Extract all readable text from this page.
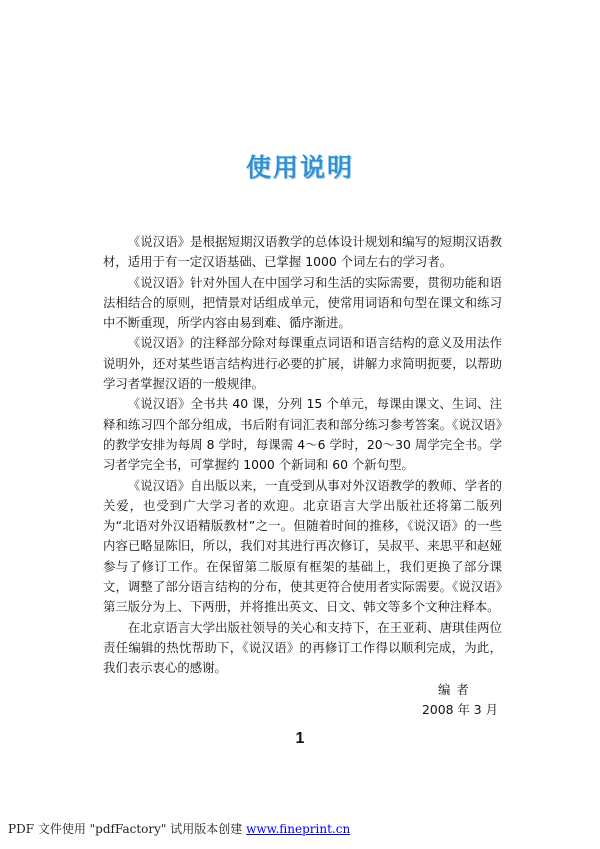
使用说明

《说汉语》是根据短期汉语教学的总体设计规划和编写的短期汉语教材，适用于有一定汉语基础、已掌握 1000 个词左右的学习者。

《说汉语》针对外国人在中国学习和生活的实际需要，贯彻功能和语法相结合的原则，把情景对话组成单元，使常用词语和句型在课文和练习中不断重现，所学内容由易到难、循序渐进。

《说汉语》的注释部分除对每课重点词语和语言结构的意义及用法作说明外，还对某些语言结构进行必要的扩展，讲解力求简明扼要，以帮助学习者掌握汉语的一般规律。

《说汉语》全书共 40 课，分列 15 个单元，每课由课文、生词、注释和练习四个部分组成，书后附有词汇表和部分练习参考答案。《说汉语》的教学安排为每周 8 学时，每课需 4～6 学时，20～30 周学完全书。学习者学完全书，可掌握约 1000 个新词和 60 个新句型。

《说汉语》自出版以来，一直受到从事对外汉语教学的教师、学者的关爱，也受到广大学习者的欢迎。北京语言大学出版社还将第二版列为“北语对外汉语精版教材”之一。但随着时间的推移，《说汉语》的一些内容已略显陈旧，所以，我们对其进行再次修订，吴叔平、来思平和赵娅参与了修订工作。在保留第二版原有框架的基础上，我们更换了部分课文，调整了部分语言结构的分布，使其更符合使用者实际需要。《说汉语》第三版分为上、下两册，并将推出英文、日文、韩文等多个文种注释本。

在北京语言大学出版社领导的关心和支持下，在王亚莉、唐琪佳两位责任编辑的热忱帮助下，《说汉语》的再修订工作得以顺利完成，为此，我们表示衷心的感谢。

编者
2008 年 3 月
1
PDF 文件使用 "pdfFactory" 试用版本创建 www.fineprint.cn
